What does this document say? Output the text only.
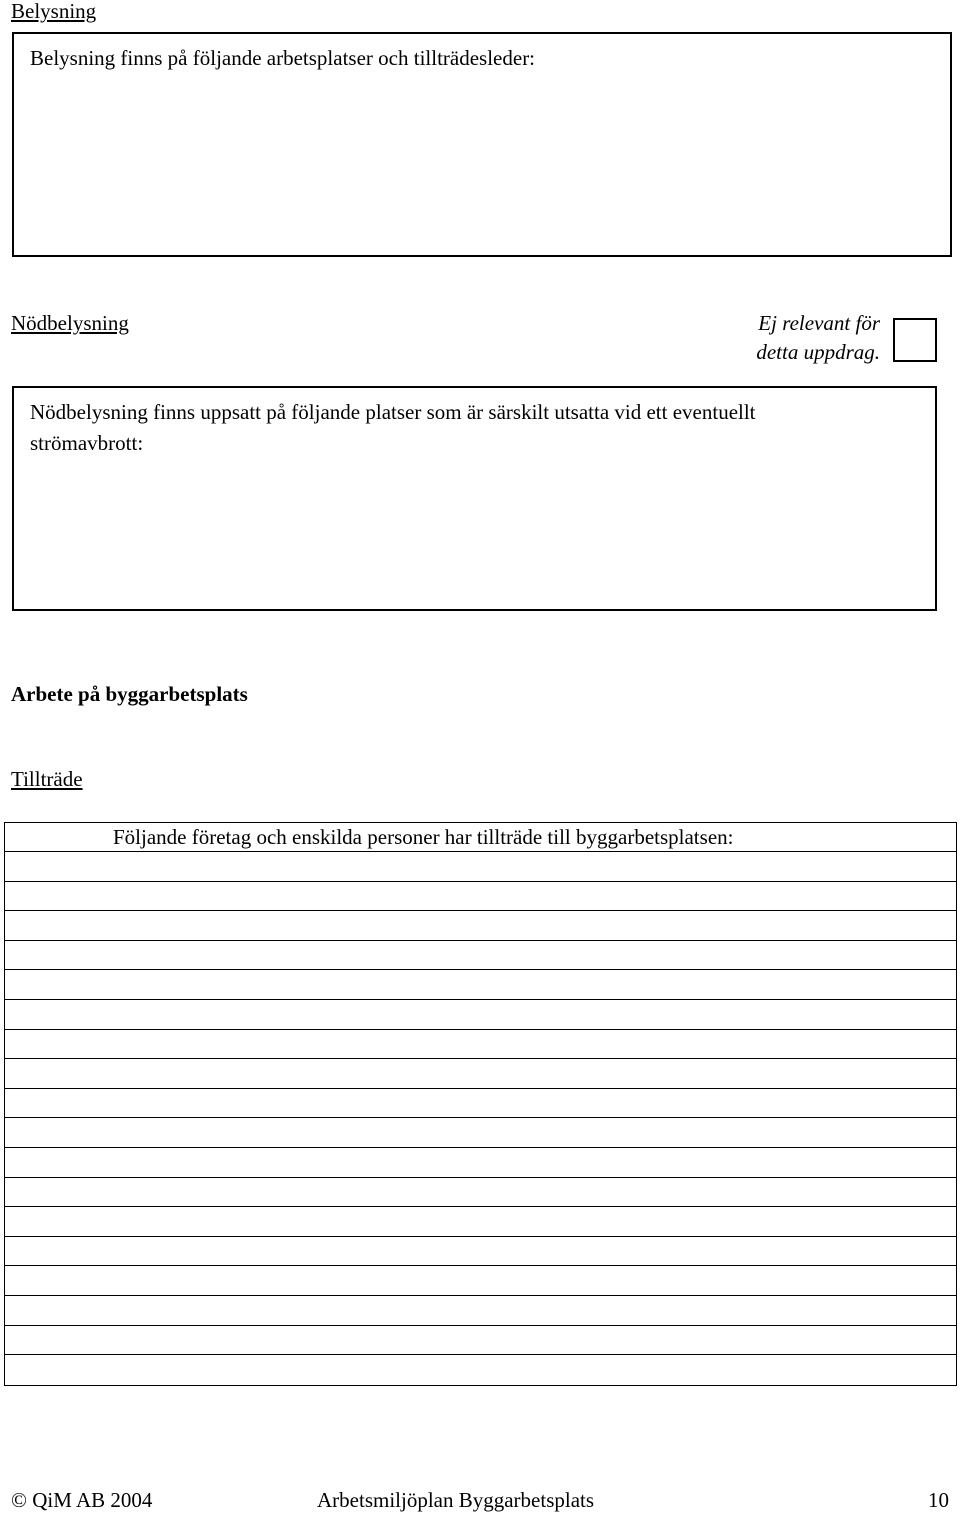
Belysning
Belysning finns på följande arbetsplatser och tillträdesleder:
Nödbelysning	Ej relevant för
detta uppdrag.
Nödbelysning finns uppsatt på följande platser som är särskilt utsatta vid ett eventuellt
strömavbrott:
Arbete på byggarbetsplats
Tillträde
Följande företag och enskilda personer har tillträde till byggarbetsplatsen:
© QiM AB 2004	Arbetsmiljöplan Byggarbetsplats	10
